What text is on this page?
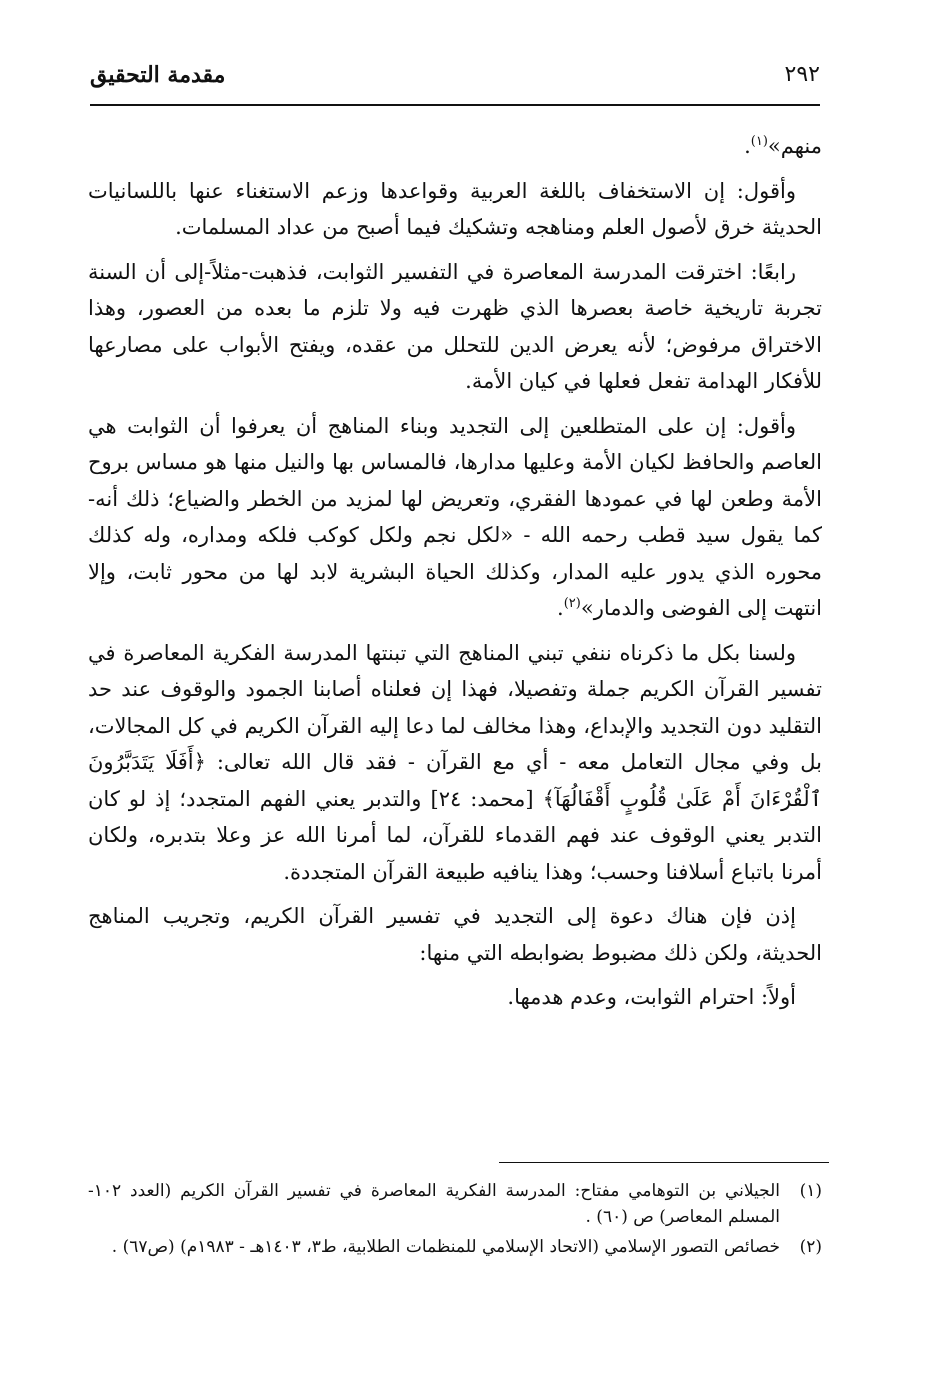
٢٩٢
مقدمة التحقيق

منهم»$^{(١)}$.

وأقول: إن الاستخفاف باللغة العربية وقواعدها وزعم الاستغناء عنها باللسانيات الحديثة خرق لأصول العلم ومناهجه وتشكيك فيما أصبح من عداد المسلمات.

رابعًا: اخترقت المدرسة المعاصرة في التفسير الثوابت، فذهبت-مثلاً-إلى أن السنة تجربة تاريخية خاصة بعصرها الذي ظهرت فيه ولا تلزم ما بعده من العصور، وهذا الاختراق مرفوض؛ لأنه يعرض الدين للتحلل من عقده، ويفتح الأبواب على مصارعها للأفكار الهدامة تفعل فعلها في كيان الأمة.

وأقول: إن على المتطلعين إلى التجديد وبناء المناهج أن يعرفوا أن الثوابت هي العاصم والحافظ لكيان الأمة وعليها مدارها، فالمساس بها والنيل منها هو مساس بروح الأمة وطعن لها في عمودها الفقري، وتعريض لها لمزيد من الخطر والضياع؛ ذلك أنه-كما يقول سيد قطب رحمه الله - «لكل نجم ولكل كوكب فلكه ومداره، وله كذلك محوره الذي يدور عليه المدار، وكذلك الحياة البشرية لابد لها من محور ثابت، وإلا انتهت إلى الفوضى والدمار»$^{(٢)}$.

ولسنا بكل ما ذكرناه ننفي تبني المناهج التي تبنتها المدرسة الفكرية المعاصرة في تفسير القرآن الكريم جملة وتفصيلا، فهذا إن فعلناه أصابنا الجمود والوقوف عند حد التقليد دون التجديد والإبداع، وهذا مخالف لما دعا إليه القرآن الكريم في كل المجالات، بل وفي مجال التعامل معه - أي مع القرآن - فقد قال الله تعالى: ﴿أَفَلَا يَتَدَبَّرُونَ ٱلْقُرْءَانَ أَمْ عَلَىٰ قُلُوبٍ أَقْفَالُهَآ﴾ [محمد: ٢٤] والتدبر يعني الفهم المتجدد؛ إذ لو كان التدبر يعني الوقوف عند فهم القدماء للقرآن، لما أمرنا الله عز وعلا بتدبره، ولكان أمرنا باتباع أسلافنا وحسب؛ وهذا ينافيه طبيعة القرآن المتجددة.

إذن فإن هناك دعوة إلى التجديد في تفسير القرآن الكريم، وتجريب المناهج الحديثة، ولكن ذلك مضبوط بضوابطه التي منها:

أولاً: احترام الثوابت، وعدم هدمها.

(١)
الجيلاني بن التوهامي مفتاح: المدرسة الفكرية المعاصرة في تفسير القرآن الكريم (العدد ١٠٢- المسلم المعاصر) ص (٦٠) .
(٢)
خصائص التصور الإسلامي (الاتحاد الإسلامي للمنظمات الطلابية، ط٣، ١٤٠٣هـ - ١٩٨٣م) (ص٦٧) .
